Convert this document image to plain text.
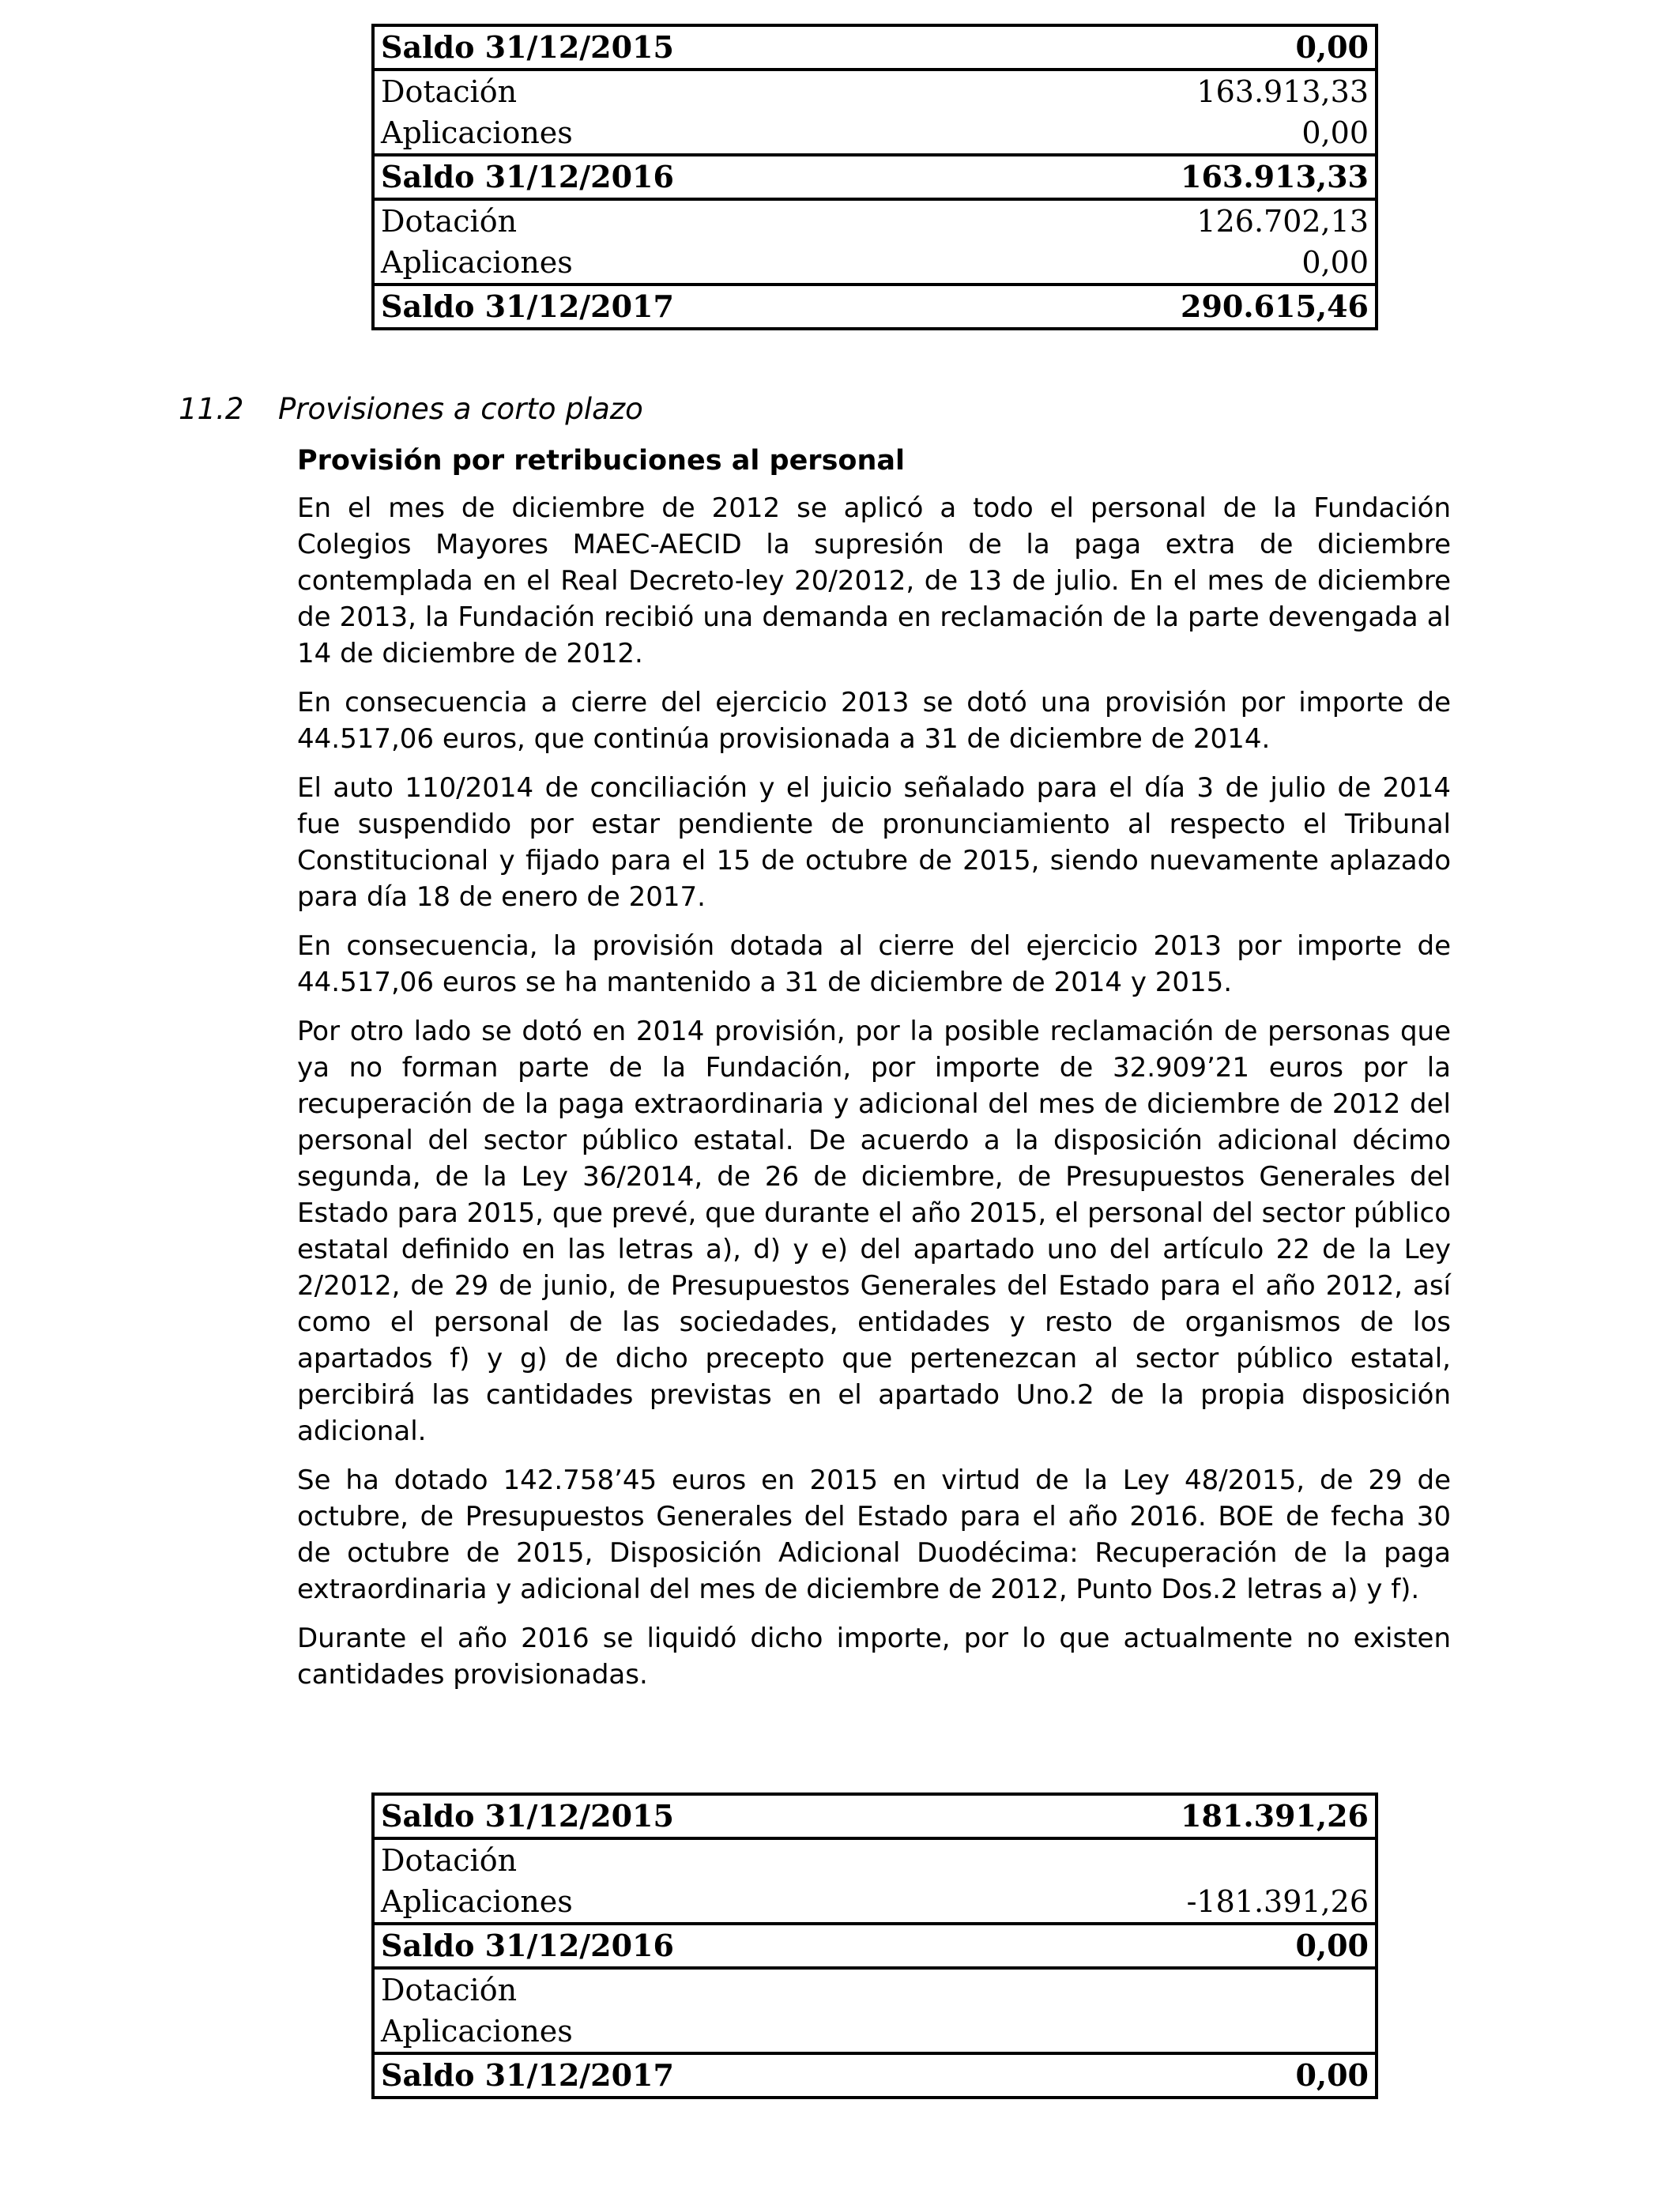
Saldo 31/12/2015	0,00
Dotación	163.913,33
Aplicaciones	0,00
Saldo 31/12/2016	163.913,33
Dotación	126.702,13
Aplicaciones	0,00
Saldo 31/12/2017	290.615,46
11.2 Provisiones a corto plazo
Provisión por retribuciones al personal

En el mes de diciembre de 2012 se aplicó a todo el personal de la Fundación Colegios Mayores MAEC-AECID la supresión de la paga extra de diciembre contemplada en el Real Decreto-ley 20/2012, de 13 de julio. En el mes de diciembre de 2013, la Fundación recibió una demanda en reclamación de la parte devengada al 14 de diciembre de 2012.

En consecuencia a cierre del ejercicio 2013 se dotó una provisión por importe de 44.517,06 euros, que continúa provisionada a 31 de diciembre de 2014.

El auto 110/2014 de conciliación y el juicio señalado para el día 3 de julio de 2014 fue suspendido por estar pendiente de pronunciamiento al respecto el Tribunal Constitucional y fijado para el 15 de octubre de 2015, siendo nuevamente aplazado para día 18 de enero de 2017.

En consecuencia, la provisión dotada al cierre del ejercicio 2013 por importe de 44.517,06 euros se ha mantenido a 31 de diciembre de 2014 y 2015.

Por otro lado se dotó en 2014 provisión, por la posible reclamación de personas que ya no forman parte de la Fundación, por importe de 32.909’21 euros por la recuperación de la paga extraordinaria y adicional del mes de diciembre de 2012 del personal del sector público estatal. De acuerdo a la disposición adicional décimo segunda, de la Ley 36/2014, de 26 de diciembre, de Presupuestos Generales del Estado para 2015, que prevé, que durante el año 2015, el personal del sector público estatal definido en las letras a), d) y e) del apartado uno del artículo 22 de la Ley 2/2012, de 29 de junio, de Presupuestos Generales del Estado para el año 2012, así como el personal de las sociedades, entidades y resto de organismos de los apartados f) y g) de dicho precepto que pertenezcan al sector público estatal, percibirá las cantidades previstas en el apartado Uno.2 de la propia disposición adicional.

Se ha dotado 142.758’45 euros en 2015 en virtud de la Ley 48/2015, de 29 de octubre, de Presupuestos Generales del Estado para el año 2016. BOE de fecha 30 de octubre de 2015, Disposición Adicional Duodécima: Recuperación de la paga extraordinaria y adicional del mes de diciembre de 2012, Punto Dos.2 letras a) y f).

Durante el año 2016 se liquidó dicho importe, por lo que actualmente no existen cantidades provisionadas.

Saldo 31/12/2015	181.391,26
Dotación	
Aplicaciones	-181.391,26
Saldo 31/12/2016	0,00
Dotación	
Aplicaciones	
Saldo 31/12/2017	0,00
